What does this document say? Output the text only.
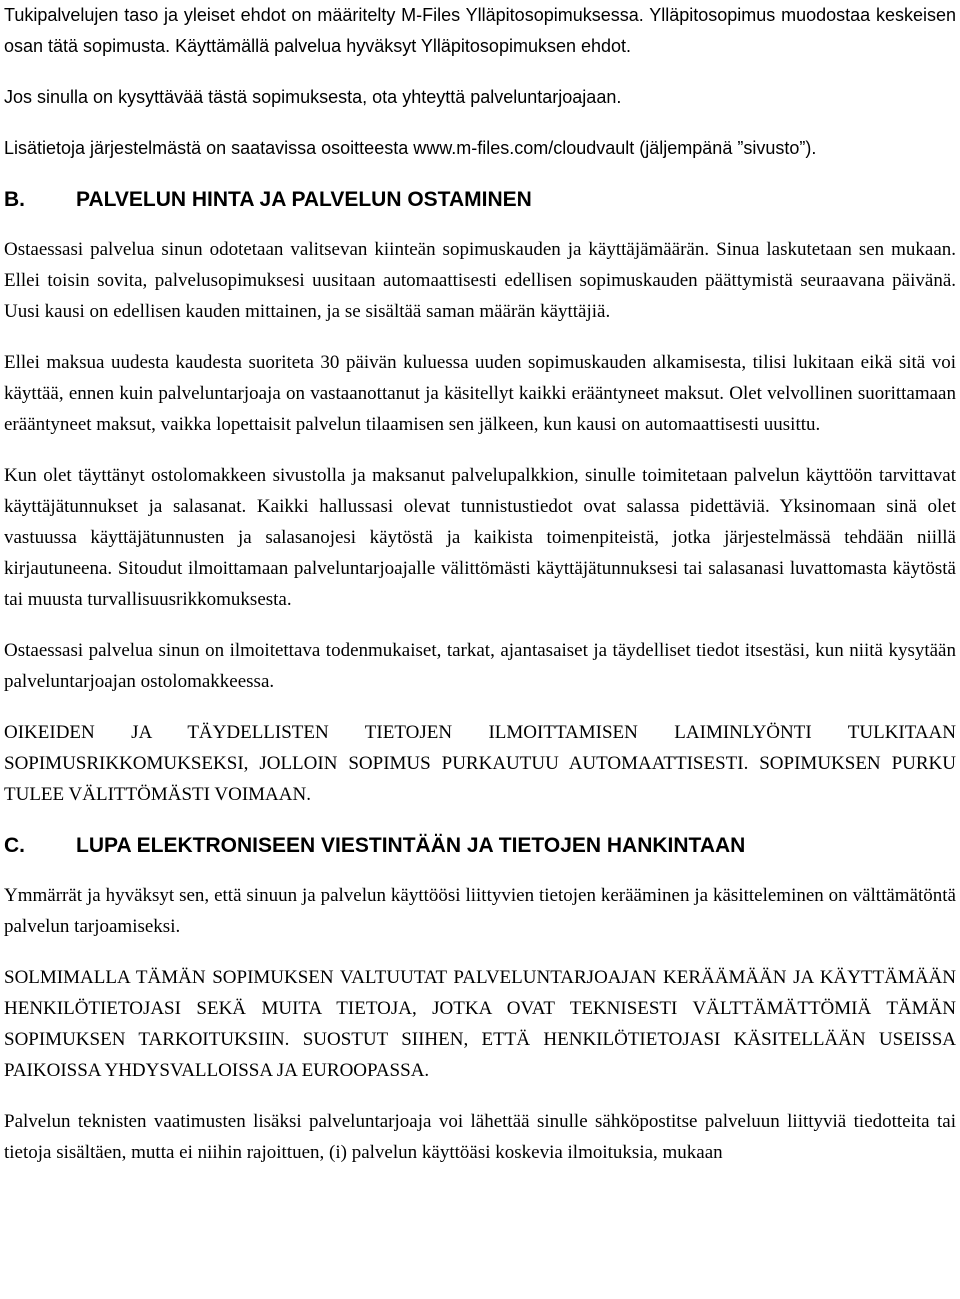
Tukipalvelujen taso ja yleiset ehdot on määritelty M-Files Ylläpitosopimuksessa. Ylläpitosopimus muodostaa keskeisen osan tätä sopimusta. Käyttämällä palvelua hyväksyt Ylläpitosopimuksen ehdot.

Jos sinulla on kysyttävää tästä sopimuksesta, ota yhteyttä palveluntarjoajaan.

Lisätietoja järjestelmästä on saatavissa osoitteesta www.m-files.com/cloudvault (jäljempänä ”sivusto”).

B. PALVELUN HINTA JA PALVELUN OSTAMINEN

Ostaessasi palvelua sinun odotetaan valitsevan kiinteän sopimuskauden ja käyttäjämäärän. Sinua laskutetaan sen mukaan. Ellei toisin sovita, palvelusopimuksesi uusitaan automaattisesti edellisen sopimuskauden päättymistä seuraavana päivänä. Uusi kausi on edellisen kauden mittainen, ja se sisältää saman määrän käyttäjiä.

Ellei maksua uudesta kaudesta suoriteta 30 päivän kuluessa uuden sopimuskauden alkamisesta, tilisi lukitaan eikä sitä voi käyttää, ennen kuin palveluntarjoaja on vastaanottanut ja käsitellyt kaikki erääntyneet maksut. Olet velvollinen suorittamaan erääntyneet maksut, vaikka lopettaisit palvelun tilaamisen sen jälkeen, kun kausi on automaattisesti uusittu.

Kun olet täyttänyt ostolomakkeen sivustolla ja maksanut palvelupalkkion, sinulle toimitetaan palvelun käyttöön tarvittavat käyttäjätunnukset ja salasanat. Kaikki hallussasi olevat tunnistustiedot ovat salassa pidettäviä. Yksinomaan sinä olet vastuussa käyttäjätunnusten ja salasanojesi käytöstä ja kaikista toimenpiteistä, jotka järjestelmässä tehdään niillä kirjautuneena. Sitoudut ilmoittamaan palveluntarjoajalle välittömästi käyttäjätunnuksesi tai salasanasi luvattomasta käytöstä tai muusta turvallisuusrikkomuksesta.

Ostaessasi palvelua sinun on ilmoitettava todenmukaiset, tarkat, ajantasaiset ja täydelliset tiedot itsestäsi, kun niitä kysytään palveluntarjoajan ostolomakkeessa.

OIKEIDEN JA TÄYDELLISTEN TIETOJEN ILMOITTAMISEN LAIMINLYÖNTI TULKITAAN SOPIMUSRIKKOMUKSEKSI, JOLLOIN SOPIMUS PURKAUTUU AUTOMAATTISESTI. SOPIMUKSEN PURKU TULEE VÄLITTÖMÄSTI VOIMAAN.

C. LUPA ELEKTRONISEEN VIESTINTÄÄN JA TIETOJEN HANKINTAAN

Ymmärrät ja hyväksyt sen, että sinuun ja palvelun käyttöösi liittyvien tietojen kerääminen ja käsitteleminen on välttämätöntä palvelun tarjoamiseksi.

SOLMIMALLA TÄMÄN SOPIMUKSEN VALTUUTAT PALVELUNTARJOAJAN KERÄÄMÄÄN JA KÄYTTÄMÄÄN HENKILÖTIETOJASI SEKÄ MUITA TIETOJA, JOTKA OVAT TEKNISESTI VÄLTTÄMÄTTÖMIÄ TÄMÄN SOPIMUKSEN TARKOITUKSIIN. SUOSTUT SIIHEN, ETTÄ HENKILÖTIETOJASI KÄSITELLÄÄN USEISSA PAIKOISSA YHDYSVALLOISSA JA EUROOPASSA.

Palvelun teknisten vaatimusten lisäksi palveluntarjoaja voi lähettää sinulle sähköpostitse palveluun liittyviä tiedotteita tai tietoja sisältäen, mutta ei niihin rajoittuen, (i) palvelun käyttöäsi koskevia ilmoituksia, mukaan
